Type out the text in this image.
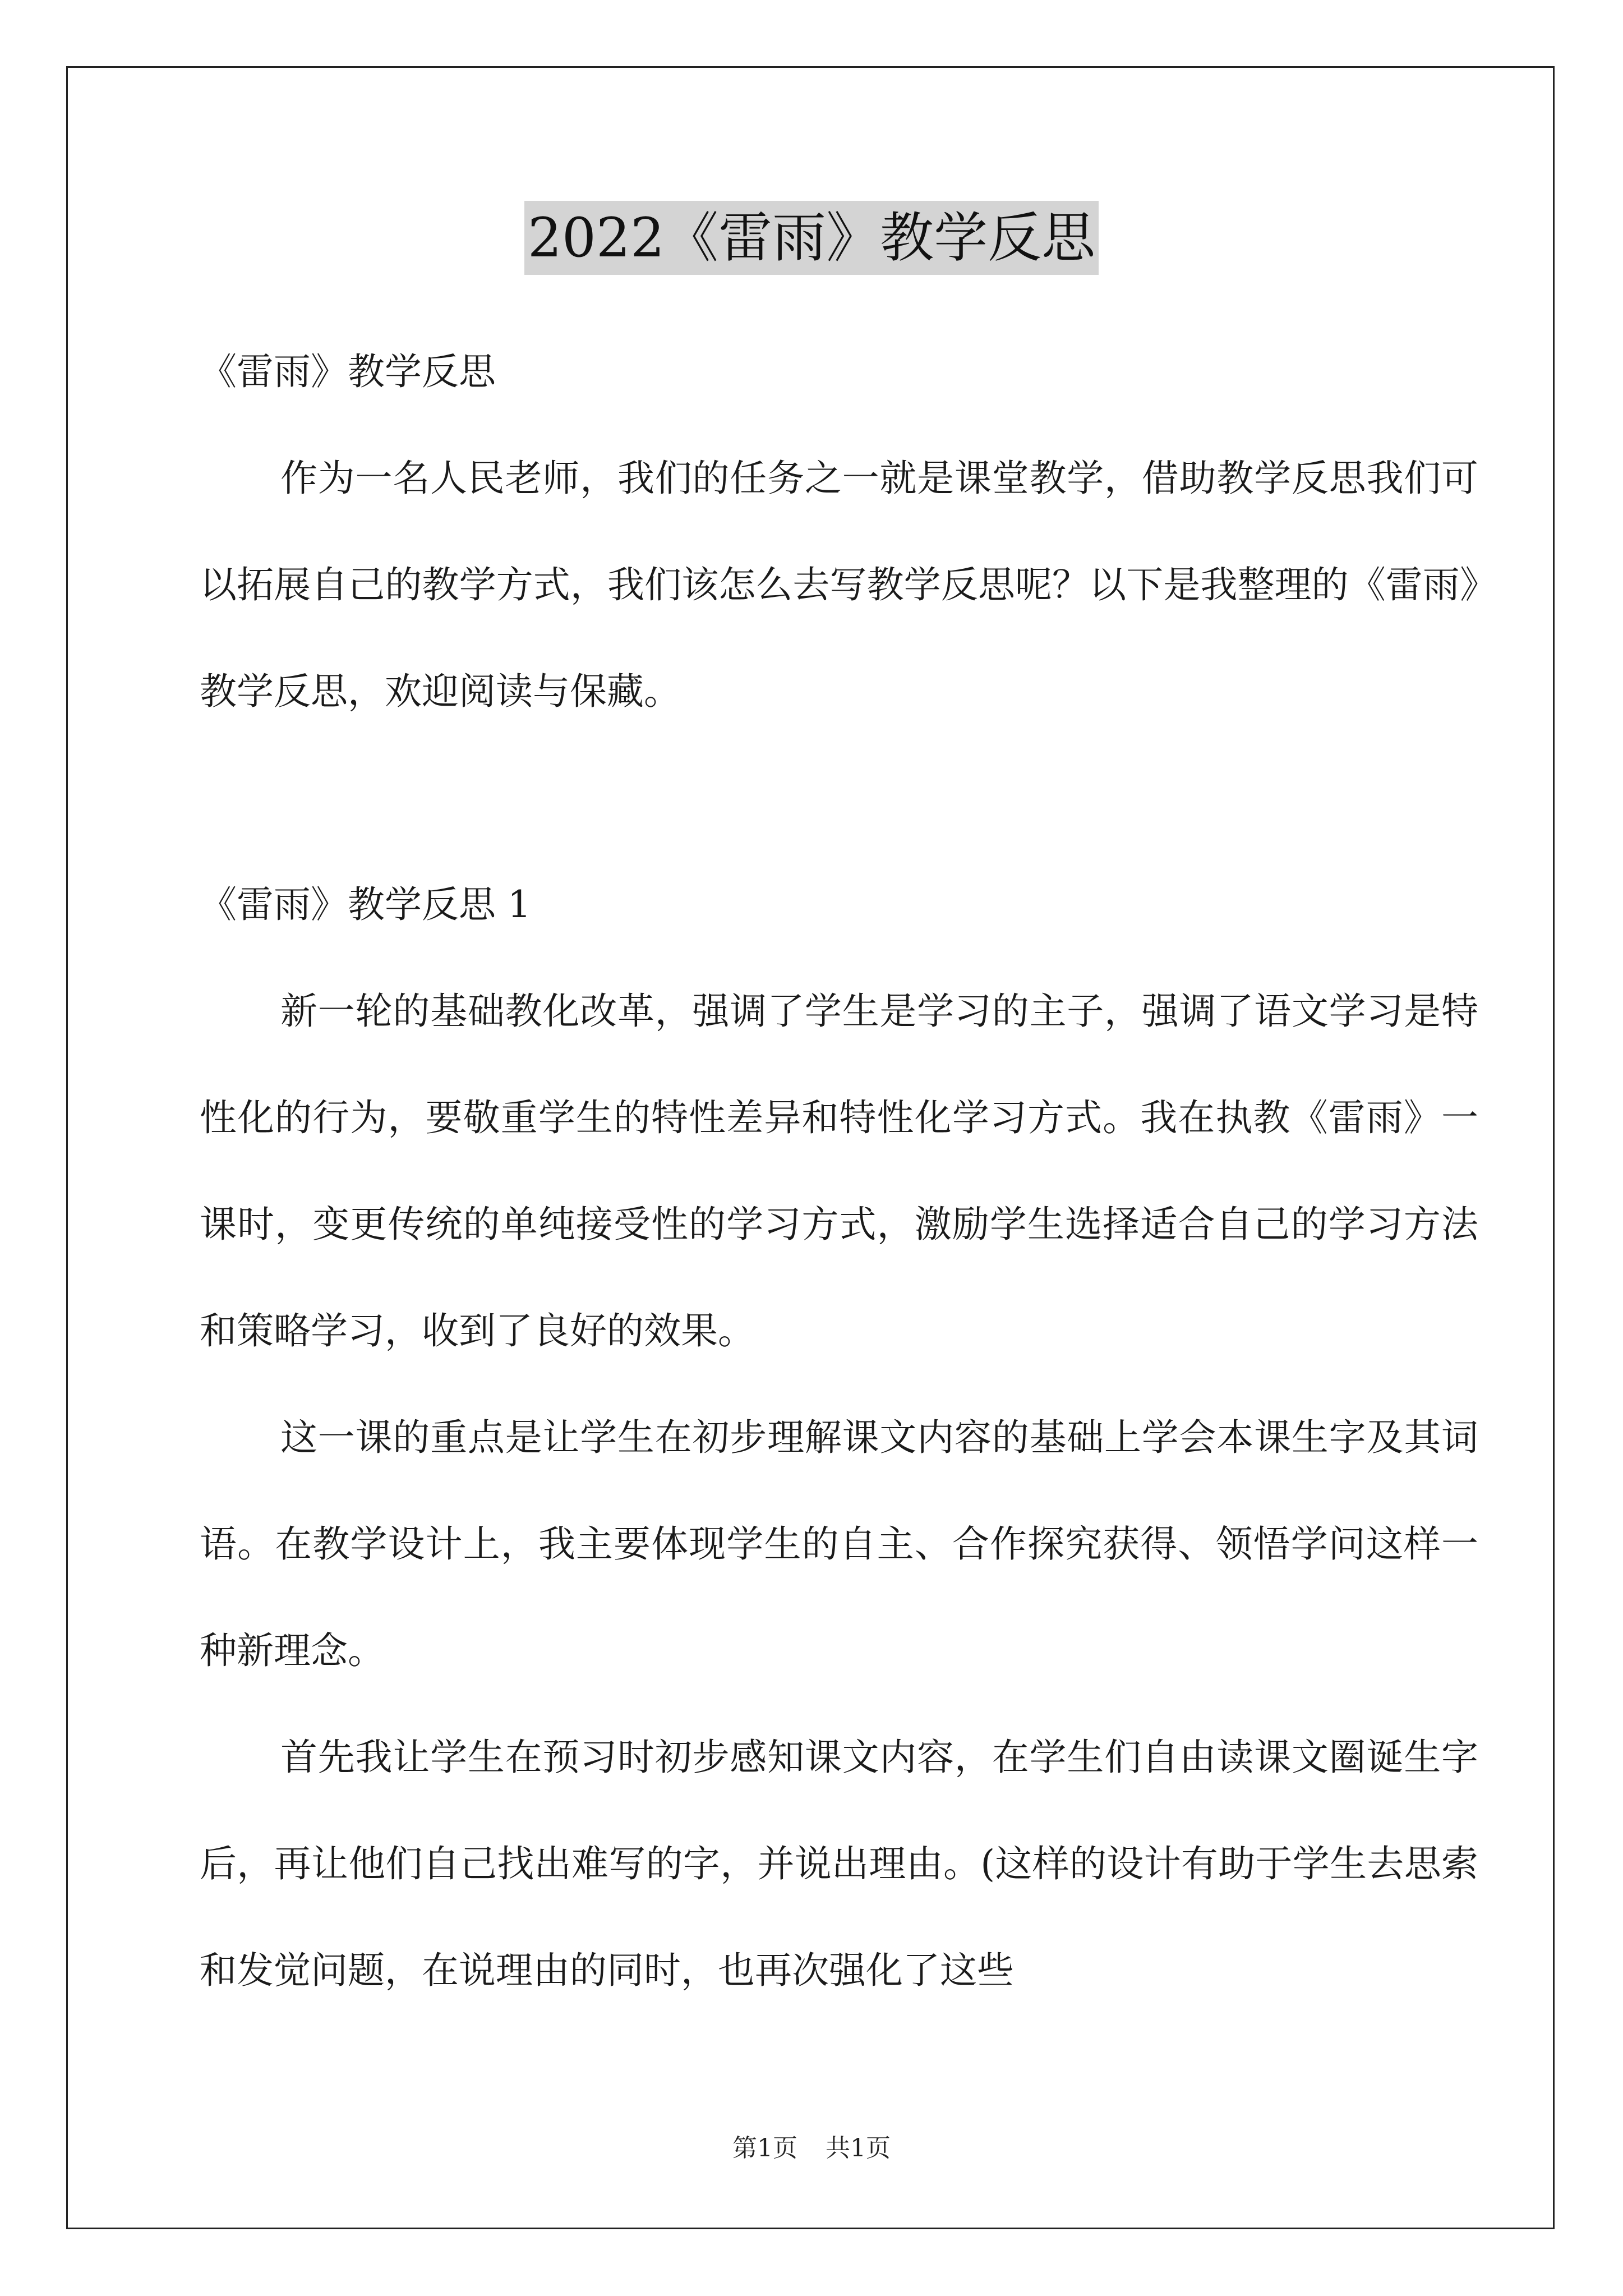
2022《雷雨》教学反思

《雷雨》教学反思

作为一名人民老师，我们的任务之一就是课堂教学，借助教学反思我们可以拓展自己的教学方式，我们该怎么去写教学反思呢？以下是我整理的《雷雨》教学反思，欢迎阅读与保藏。

《雷雨》教学反思 1

新一轮的基础教化改革，强调了学生是学习的主子，强调了语文学习是特性化的行为，要敬重学生的特性差异和特性化学习方式。我在执教《雷雨》一课时，变更传统的单纯接受性的学习方式，激励学生选择适合自己的学习方法和策略学习，收到了良好的效果。

这一课的重点是让学生在初步理解课文内容的基础上学会本课生字及其词语。在教学设计上，我主要体现学生的自主、合作探究获得、领悟学问这样一种新理念。

首先我让学生在预习时初步感知课文内容，在学生们自由读课文圈诞生字后，再让他们自己找出难写的字，并说出理由。(这样的设计有助于学生去思索和发觉问题，在说理由的同时，也再次强化了这些

第1页 共1页
